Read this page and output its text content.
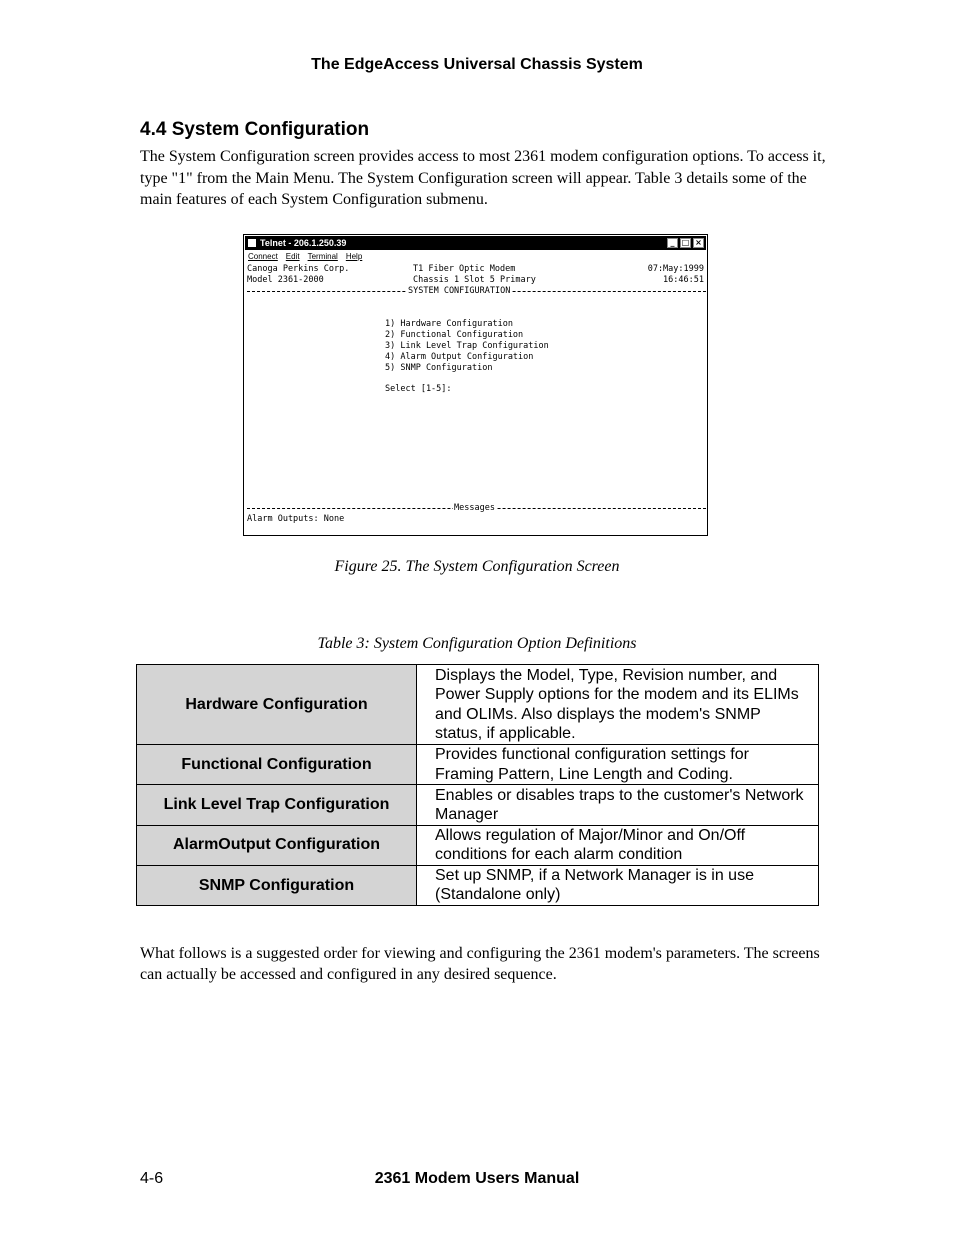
The EdgeAccess Universal Chassis System
4.4 System Configuration
The System Configuration screen provides access to most 2361 modem configuration options. To access it, type "1" from the Main Menu. The System Configuration screen will appear. Table 3 details some of the main features of each System Configuration submenu.
Telnet - 206.1.250.39	_ □ ×
Connect Edit Terminal Help
Canoga Perkins Corp.
Model 2361-2000
T1 Fiber Optic Modem
Chassis 1 Slot 5 Primary
07:May:1999
16:46:51
SYSTEM CONFIGURATION
1) Hardware Configuration
2) Functional Configuration
3) Link Level Trap Configuration
4) Alarm Output Configuration
5) SNMP Configuration
Select [1-5]:
Messages
Alarm Outputs: None
Figure 25. The System Configuration Screen
Table 3: System Configuration Option Definitions
Hardware Configuration	Displays the Model, Type, Revision number, and Power Supply options for the modem and its ELIMs and OLIMs. Also displays the modem's SNMP status, if applicable.
Functional Configuration	Provides functional configuration settings for Framing Pattern, Line Length and Coding.
Link Level Trap Configuration	Enables or disables traps to the customer's Network Manager
AlarmOutput Configuration	Allows regulation of Major/Minor and On/Off conditions for each alarm condition
SNMP Configuration	Set up SNMP, if a Network Manager is in use (Standalone only)
What follows is a suggested order for viewing and configuring the 2361 modem's parameters. The screens can actually be accessed and configured in any desired sequence.
4-6	2361 Modem Users Manual
